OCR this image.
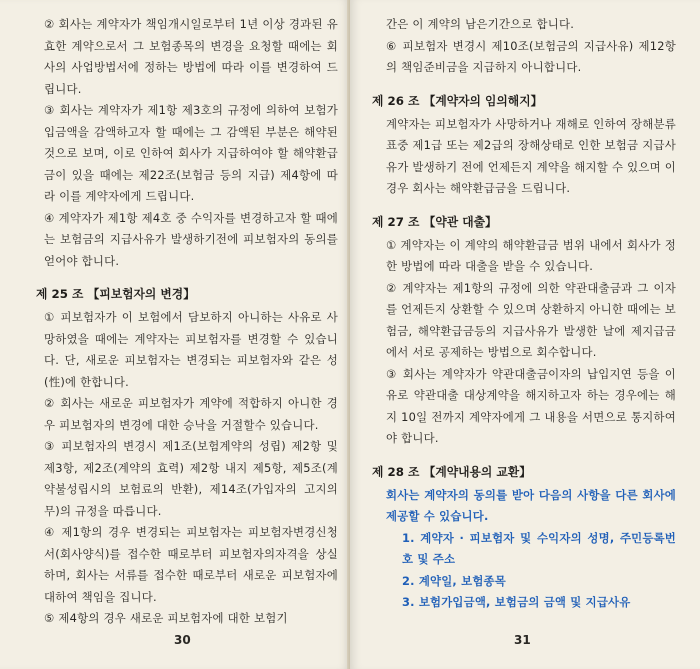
② 회사는 계약자가 책임개시일로부터 1년 이상 경과된 유효한 계약으로서 그 보험종목의 변경을 요청할 때에는 회사의 사업방법서에 정하는 방법에 따라 이를 변경하여 드립니다.

③ 회사는 계약자가 제1항 제3호의 규정에 의하여 보험가입금액을 감액하고자 할 때에는 그 감액된 부분은 해약된 것으로 보며, 이로 인하여 회사가 지급하여야 할 해약환급금이 있을 때에는 제22조(보험금 등의 지급) 제4항에 따라 이를 계약자에게 드립니다.

④ 계약자가 제1항 제4호 중 수익자를 변경하고자 할 때에는 보험금의 지급사유가 발생하기전에 피보험자의 동의를 얻어야 합니다.

제 25 조 【피보험자의 변경】

① 피보험자가 이 보험에서 담보하지 아니하는 사유로 사망하였을 때에는 계약자는 피보험자를 변경할 수 있습니다. 단, 새로운 피보험자는 변경되는 피보험자와 같은 성(性)에 한합니다.

② 회사는 새로운 피보험자가 계약에 적합하지 아니한 경우 피보험자의 변경에 대한 승낙을 거절할수 있습니다.

③ 피보험자의 변경시 제1조(보험계약의 성립) 제2항 및 제3항, 제2조(계약의 효력) 제2항 내지 제5항, 제5조(계약불성립시의 보험료의 반환), 제14조(가입자의 고지의무)의 규정을 따릅니다.

④ 제1항의 경우 변경되는 피보험자는 피보험자변경신청서(회사양식)를 접수한 때로부터 피보험자의자격을 상실하며, 회사는 서류를 접수한 때로부터 새로운 피보험자에 대하여 책임을 집니다.

⑤ 제4항의 경우 새로운 피보험자에 대한 보험기

30

간은 이 계약의 남은기간으로 합니다.

⑥ 피보험자 변경시 제10조(보험금의 지급사유) 제12항의 책임준비금을 지급하지 아니합니다.

제 26 조 【계약자의 임의해지】

계약자는 피보험자가 사망하거나 재해로 인하여 장해분류표중 제1급 또는 제2급의 장해상태로 인한 보험금 지급사유가 발생하기 전에 언제든지 계약을 해지할 수 있으며 이 경우 회사는 해약환급금을 드립니다.

제 27 조 【약관 대출】

① 계약자는 이 계약의 해약환급금 범위 내에서 회사가 정한 방법에 따라 대출을 받을 수 있습니다.

② 계약자는 제1항의 규정에 의한 약관대출금과 그 이자를 언제든지 상환할 수 있으며 상환하지 아니한 때에는 보험금, 해약환급금등의 지급사유가 발생한 날에 제지급금에서 서로 공제하는 방법으로 회수합니다.

③ 회사는 계약자가 약관대출금이자의 납입지연 등을 이유로 약관대출 대상계약을 해지하고자 하는 경우에는 해지 10일 전까지 계약자에게 그 내용을 서면으로 통지하여야 합니다.

제 28 조 【계약내용의 교환】

회사는 계약자의 동의를 받아 다음의 사항을 다른 회사에 제공할 수 있습니다.

1. 계약자 · 피보험자 및 수익자의 성명, 주민등록번호 및 주소

2. 계약일, 보험종목

3. 보험가입금액, 보험금의 금액 및 지급사유

31
